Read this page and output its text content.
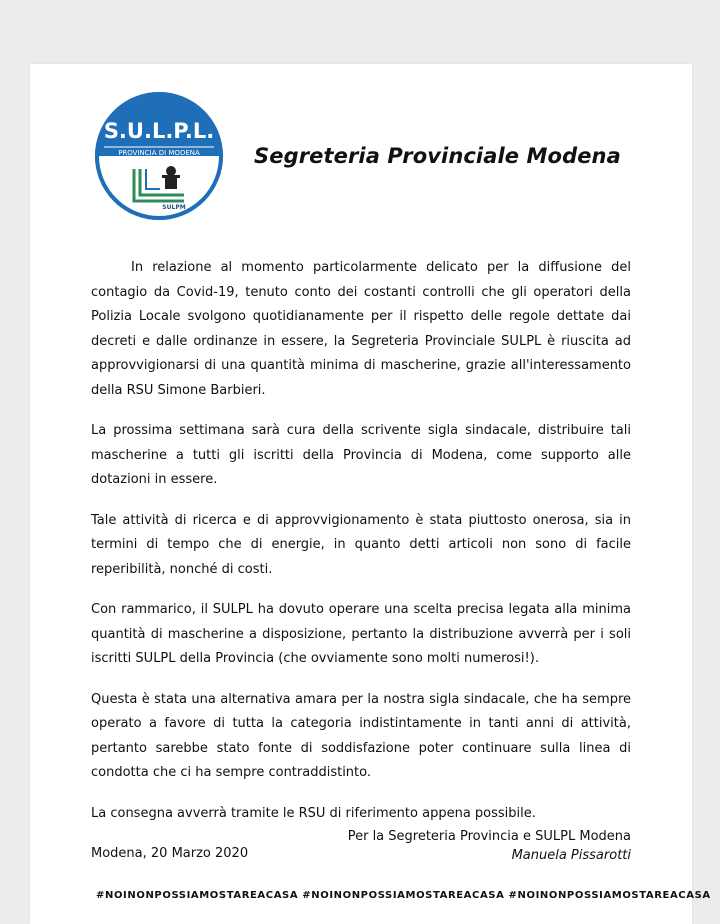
S.U.L.P.L.
PROVINCIA DI MODENA
SULPM
Segreteria Provinciale Modena

In relazione al momento particolarmente delicato per la diffusione del contagio da Covid-19, tenuto conto dei costanti controlli che gli operatori della Polizia Locale svolgono quotidianamente per il rispetto delle regole dettate dai decreti e dalle ordinanze in essere, la Segreteria Provinciale SULPL è riuscita ad approvvigionarsi di una quantità minima di mascherine, grazie all'interessamento della RSU Simone Barbieri.

La prossima settimana sarà cura della scrivente sigla sindacale, distribuire tali mascherine a tutti gli iscritti della Provincia di Modena, come supporto alle dotazioni in essere.

Tale attività di ricerca e di approvvigionamento è stata piuttosto onerosa, sia in termini di tempo che di energie, in quanto detti articoli non sono di facile reperibilità, nonché di costi.

Con rammarico, il SULPL ha dovuto operare una scelta precisa legata alla minima quantità di mascherine a disposizione, pertanto la distribuzione avverrà per i soli iscritti SULPL della Provincia (che ovviamente sono molti numerosi!).

Questa è stata una alternativa amara per la nostra sigla sindacale, che ha sempre operato a favore di tutta la categoria indistintamente in tanti anni di attività, pertanto sarebbe stato fonte di soddisfazione poter continuare sulla linea di condotta che ci ha sempre contraddistinto.

La consegna avverrà tramite le RSU di riferimento appena possibile.

Modena, 20 Marzo 2020

Per la Segreteria Provincia e SULPL Modena
Manuela Pissarotti
#NOINONPOSSIAMOSTAREACASA #NOINONPOSSIAMOSTAREACASA #NOINONPOSSIAMOSTAREACASA
